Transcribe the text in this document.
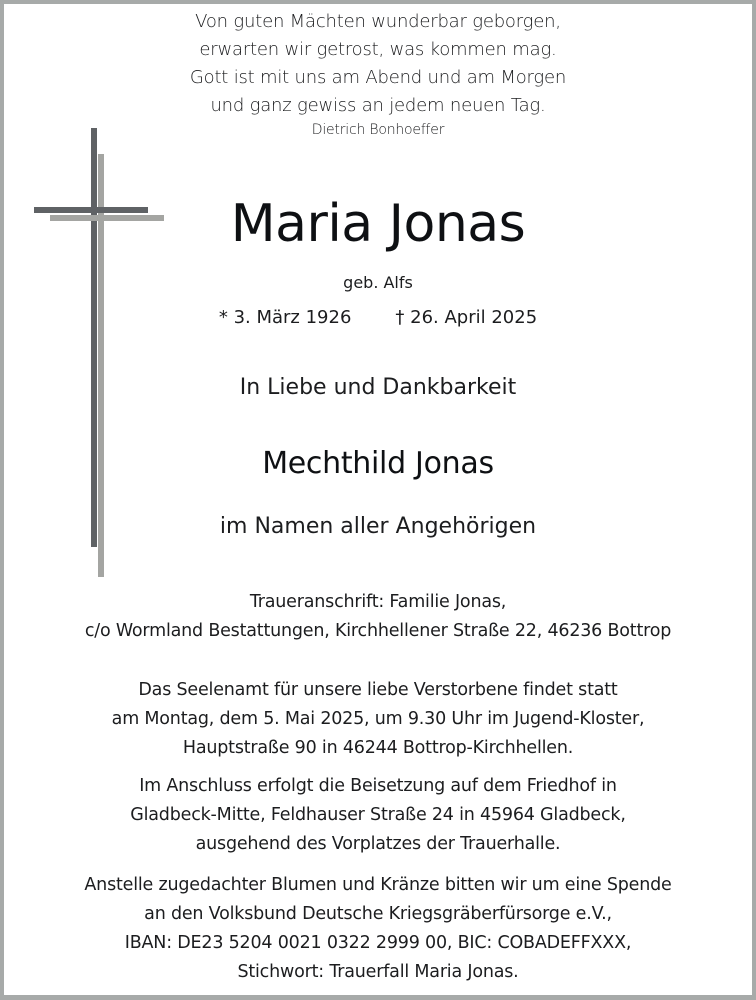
Von guten Mächten wunderbar geborgen,
erwarten wir getrost, was kommen mag.
Gott ist mit uns am Abend und am Morgen
und ganz gewiss an jedem neuen Tag.
Dietrich Bonhoeffer
Maria Jonas
geb. Alfs
* 3. März 1926 † 26. April 2025
In Liebe und Dankbarkeit
Mechthild Jonas
im Namen aller Angehörigen
Traueranschrift: Familie Jonas,
c/o Wormland Bestattungen, Kirchhellener Straße 22, 46236 Bottrop
Das Seelenamt für unsere liebe Verstorbene findet statt
am Montag, dem 5. Mai 2025, um 9.30 Uhr im Jugend-Kloster,
Hauptstraße 90 in 46244 Bottrop-Kirchhellen.
Im Anschluss erfolgt die Beisetzung auf dem Friedhof in
Gladbeck-Mitte, Feldhauser Straße 24 in 45964 Gladbeck,
ausgehend des Vorplatzes der Trauerhalle.
Anstelle zugedachter Blumen und Kränze bitten wir um eine Spende
an den Volksbund Deutsche Kriegsgräberfürsorge e.V.,
IBAN: DE23 5204 0021 0322 2999 00, BIC: COBADEFFXXX,
Stichwort: Trauerfall Maria Jonas.
